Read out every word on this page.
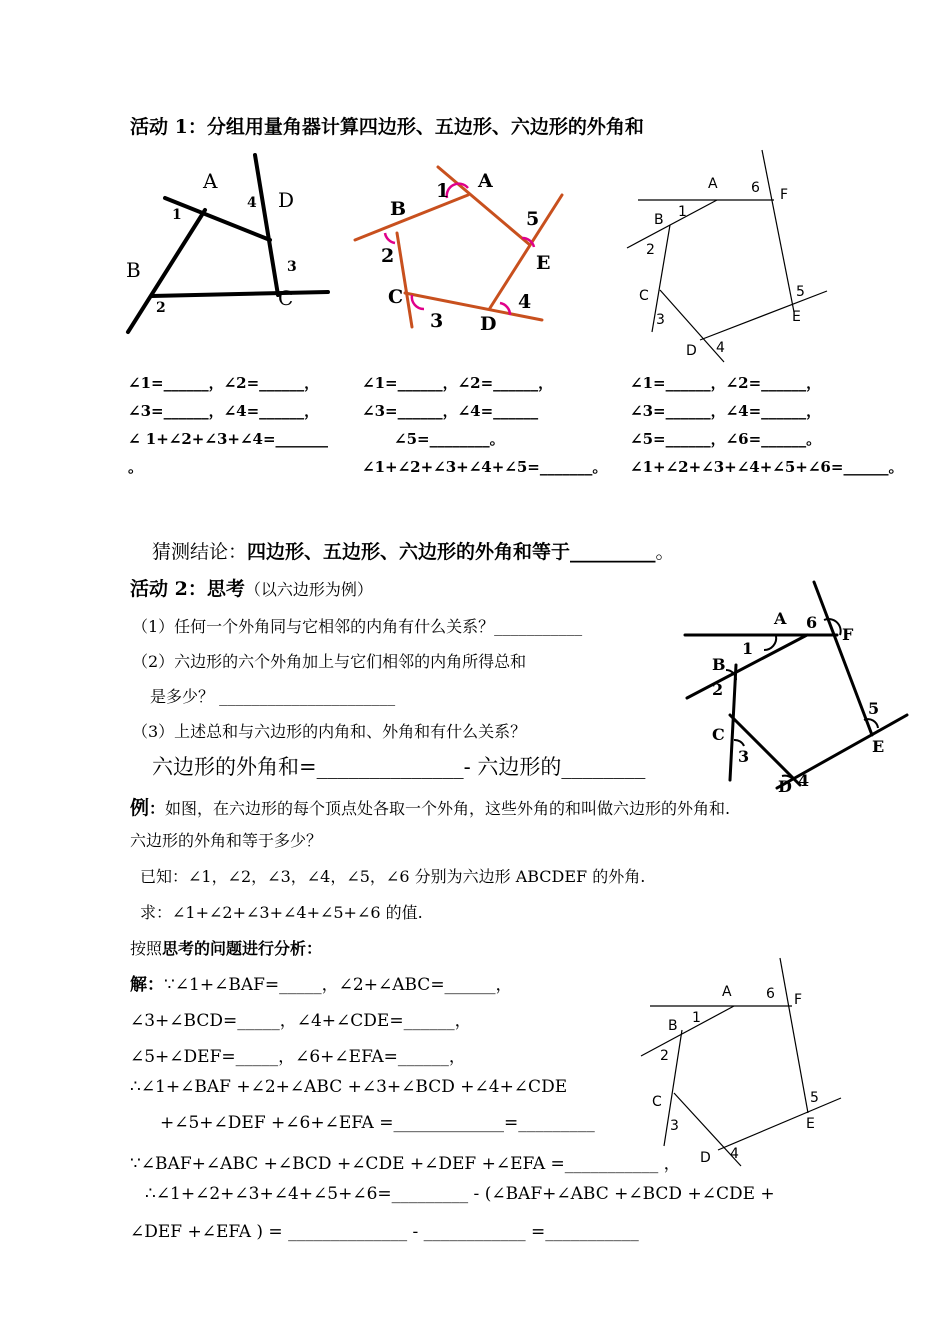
活动 1：分组用量角器计算四边形、五边形、六边形的外角和
A
D
B
C
1
2
3
4
A
B
C
D
E
1
2
3
4
5
A
B
C
D
E
F
1
2
3
4
5
6
∠1=______，∠2=______，
∠3=______，∠4=______，
∠ 1+∠2+∠3+∠4=_______
。
∠1=______，∠2=______，
∠3=______，∠4=______
∠5=________。
∠1+∠2+∠3+∠4+∠5=_______。
∠1=______，∠2=______，
∠3=______，∠4=______，
∠5=______，∠6=______。
∠1+∠2+∠3+∠4+∠5+∠6=______。
猜测结论：四边形、五边形、六边形的外角和等于_________。
活动 2：思考（以六边形为例）
（1）任何一个外角同与它相邻的内角有什么关系？___________
（2）六边形的六个外角加上与它们相邻的内角所得总和
是多少？ ______________________
（3）上述总和与六边形的内角和、外角和有什么关系？
六边形的外角和=______________- 六边形的________
A
B
C
D
E
F
1
2
3
4
5
6
例：如图，在六边形的每个顶点处各取一个外角，这些外角的和叫做六边形的外角和.
六边形的外角和等于多少？
已知：∠1，∠2，∠3，∠4，∠5，∠6 分别为六边形 ABCDEF 的外角.
求：∠1+∠2+∠3+∠4+∠5+∠6 的值.
按照思考的问题进行分析：
解：∵∠1+∠BAF=_____，∠2+∠ABC=______，
∠3+∠BCD=_____，∠4+∠CDE=______，
∠5+∠DEF=_____，∠6+∠EFA=______，
∴∠1+∠BAF +∠2+∠ABC +∠3+∠BCD +∠4+∠CDE
+∠5+∠DEF +∠6+∠EFA =_____________=_________
∵∠BAF+∠ABC +∠BCD +∠CDE +∠DEF +∠EFA =___________ ，
∴∠1+∠2+∠3+∠4+∠5+∠6=_________ - (∠BAF+∠ABC +∠BCD +∠CDE +
∠DEF +∠EFA ) = ______________ - ____________ =___________
A
B
C
D
E
F
1
2
3
4
5
6
